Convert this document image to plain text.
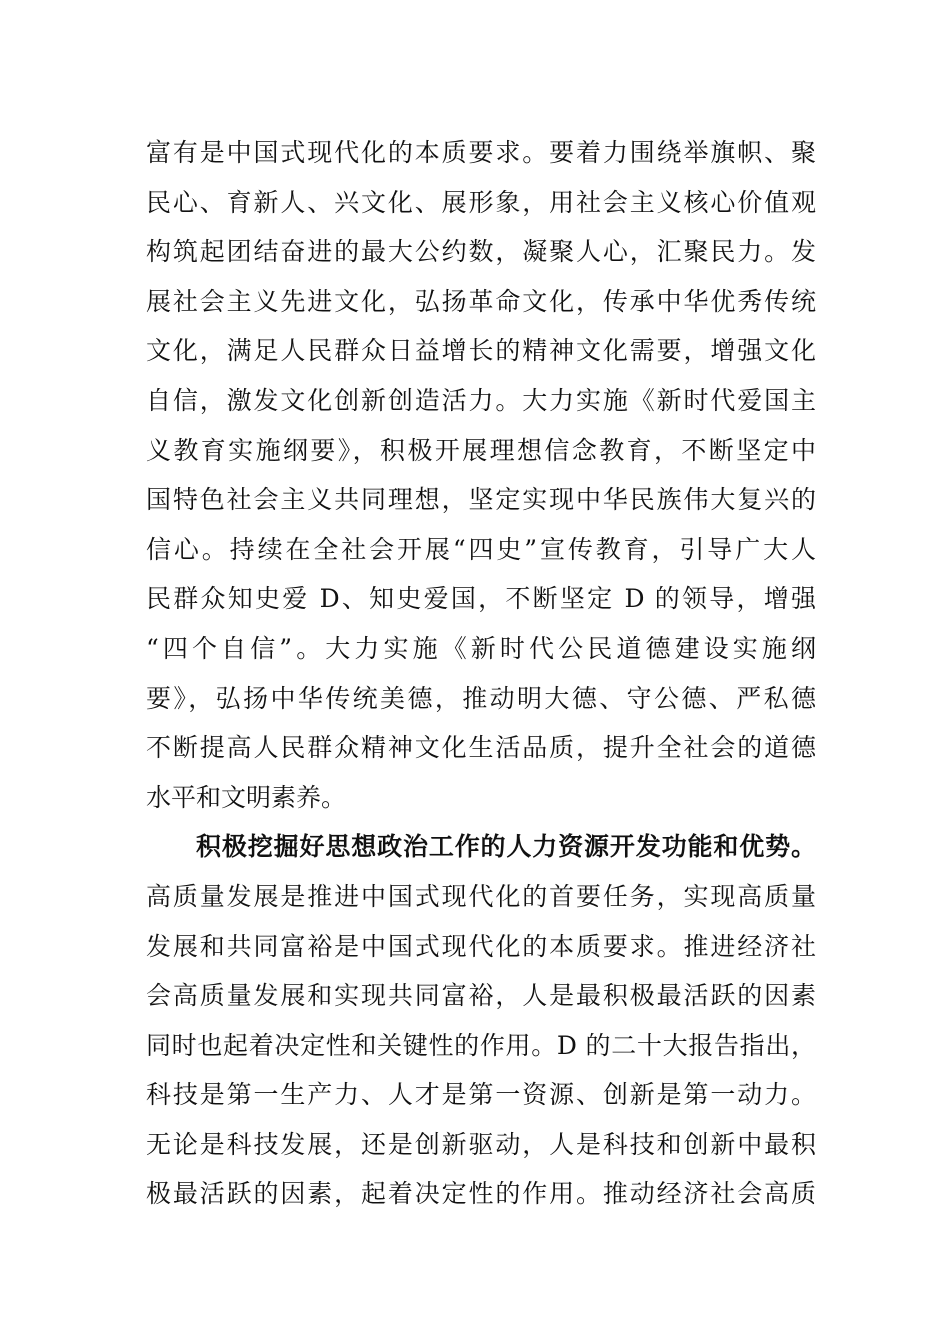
富有是中国式现代化的本质要求。要着力围绕举旗帜、聚
民心、育新人、兴文化、展形象，用社会主义核心价值观
构筑起团结奋进的最大公约数，凝聚人心，汇聚民力。发
展社会主义先进文化，弘扬革命文化，传承中华优秀传统
文化，满足人民群众日益增长的精神文化需要，增强文化
自信，激发文化创新创造活力。大力实施《新时代爱国主
义教育实施纲要》，积极开展理想信念教育，不断坚定中
国特色社会主义共同理想，坚定实现中华民族伟大复兴的
信心。持续在全社会开展“四史”宣传教育，引导广大人
民群众知史爱 D、知史爱国，不断坚定 D 的领导，增强
“四个自信”。大力实施《新时代公民道德建设实施纲
要》，弘扬中华传统美德，推动明大德、守公德、严私德
不断提高人民群众精神文化生活品质，提升全社会的道德
水平和文明素养。
积极挖掘好思想政治工作的人力资源开发功能和优势。
高质量发展是推进中国式现代化的首要任务，实现高质量
发展和共同富裕是中国式现代化的本质要求。推进经济社
会高质量发展和实现共同富裕，人是最积极最活跃的因素
同时也起着决定性和关键性的作用。D 的二十大报告指出，
科技是第一生产力、人才是第一资源、创新是第一动力。
无论是科技发展，还是创新驱动，人是科技和创新中最积
极最活跃的因素，起着决定性的作用。推动经济社会高质
